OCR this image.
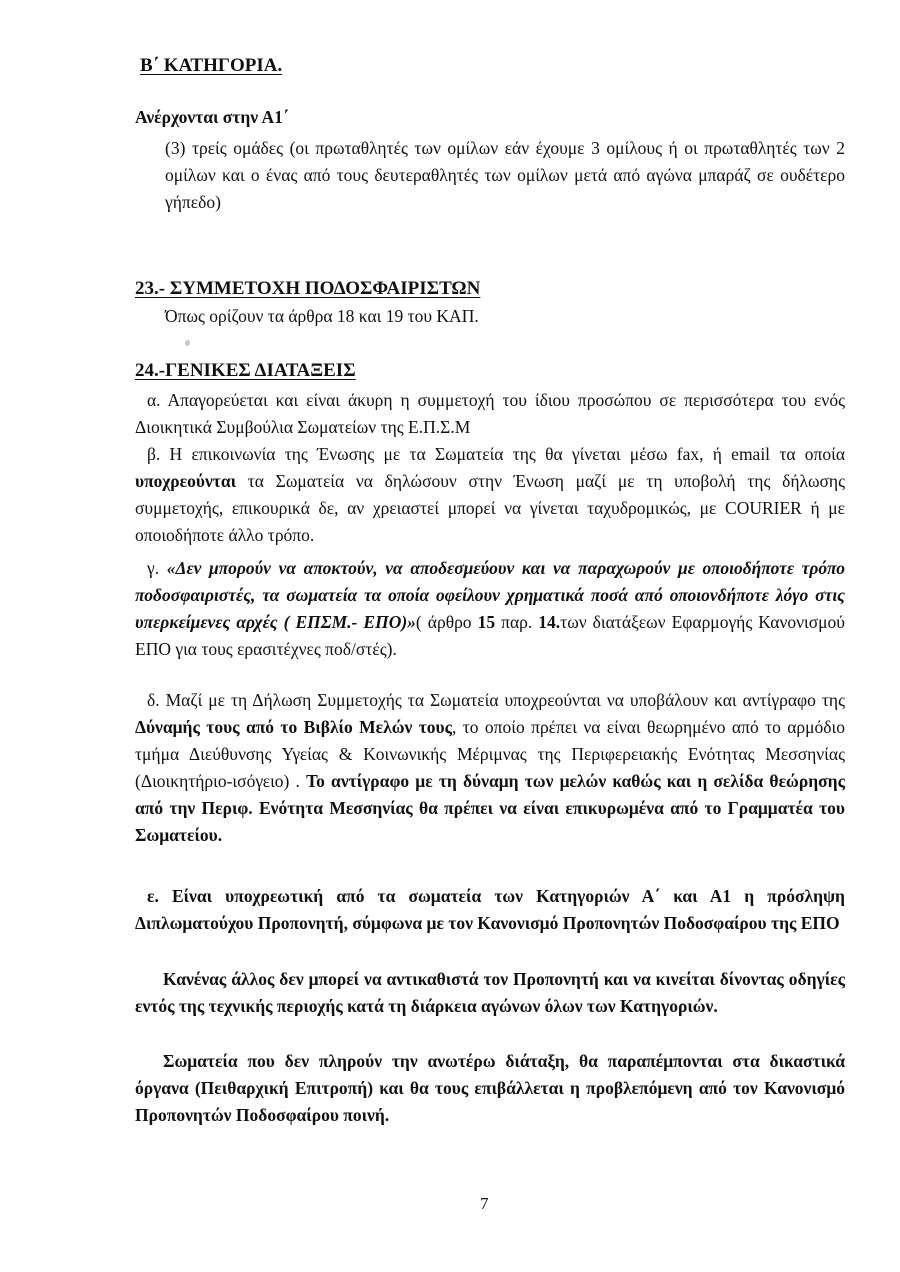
Β΄ ΚΑΤΗΓΟΡΙΑ.
Ανέρχονται στην Α1΄
(3) τρείς ομάδες (οι πρωταθλητές των ομίλων εάν έχουμε 3 ομίλους ή οι πρωταθλητές των 2 ομίλων και ο ένας από τους δευτεραθλητές των ομίλων μετά από αγώνα μπαράζ σε ουδέτερο γήπεδο)
23.- ΣΥΜΜΕΤΟΧΗ ΠΟΔΟΣΦΑΙΡΙΣΤΩΝ
Όπως ορίζουν τα άρθρα 18 και 19 του ΚΑΠ.
24.-ΓΕΝΙΚΕΣ ΔΙΑΤΑΞΕΙΣ
α. Απαγορεύεται και είναι άκυρη η συμμετοχή του ίδιου προσώπου σε περισσότερα του ενός Διοικητικά Συμβούλια Σωματείων της Ε.Π.Σ.Μ
β. Η επικοινωνία της Ένωσης με τα Σωματεία της θα γίνεται μέσω fax, ή email τα οποία υποχρεούνται τα Σωματεία να δηλώσουν στην Ένωση μαζί με τη υποβολή της δήλωσης συμμετοχής, επικουρικά δε, αν χρειαστεί μπορεί να γίνεται ταχυδρομικώς, με COURIER ή με οποιοδήποτε άλλο τρόπο.
γ. «Δεν μπορούν να αποκτούν, να αποδεσμεύουν και να παραχωρούν με οποιοδήποτε τρόπο ποδοσφαιριστές, τα σωματεία τα οποία οφείλουν χρηματικά ποσά από οποιονδήποτε λόγο στις υπερκείμενες αρχές ( ΕΠΣΜ.- ΕΠΟ)»( άρθρο 15 παρ. 14.των διατάξεων Εφαρμογής Κανονισμού ΕΠΟ για τους ερασιτέχνες ποδ/στές).
δ. Μαζί με τη Δήλωση Συμμετοχής τα Σωματεία υποχρεούνται να υποβάλουν και αντίγραφο της Δύναμής τους από το Βιβλίο Μελών τους, το οποίο πρέπει να είναι θεωρημένο από το αρμόδιο τμήμα Διεύθυνσης Υγείας & Κοινωνικής Μέριμνας της Περιφερειακής Ενότητας Μεσσηνίας (Διοικητήριο-ισόγειο) . Το αντίγραφο με τη δύναμη των μελών καθώς και η σελίδα θεώρησης από την Περιφ. Ενότητα Μεσσηνίας θα πρέπει να είναι επικυρωμένα από το Γραμματέα του Σωματείου.
ε. Είναι υποχρεωτική από τα σωματεία των Κατηγοριών Α΄ και Α1 η πρόσληψη Διπλωματούχου Προπονητή, σύμφωνα με τον Κανονισμό Προπονητών Ποδοσφαίρου της ΕΠΟ
Κανένας άλλος δεν μπορεί να αντικαθιστά τον Προπονητή και να κινείται δίνοντας οδηγίες εντός της τεχνικής περιοχής κατά τη διάρκεια αγώνων όλων των Κατηγοριών.
Σωματεία που δεν πληρούν την ανωτέρω διάταξη, θα παραπέμπονται στα δικαστικά όργανα (Πειθαρχική Επιτροπή) και θα τους επιβάλλεται η προβλεπόμενη από τον Κανονισμό Προπονητών Ποδοσφαίρου ποινή.
7
